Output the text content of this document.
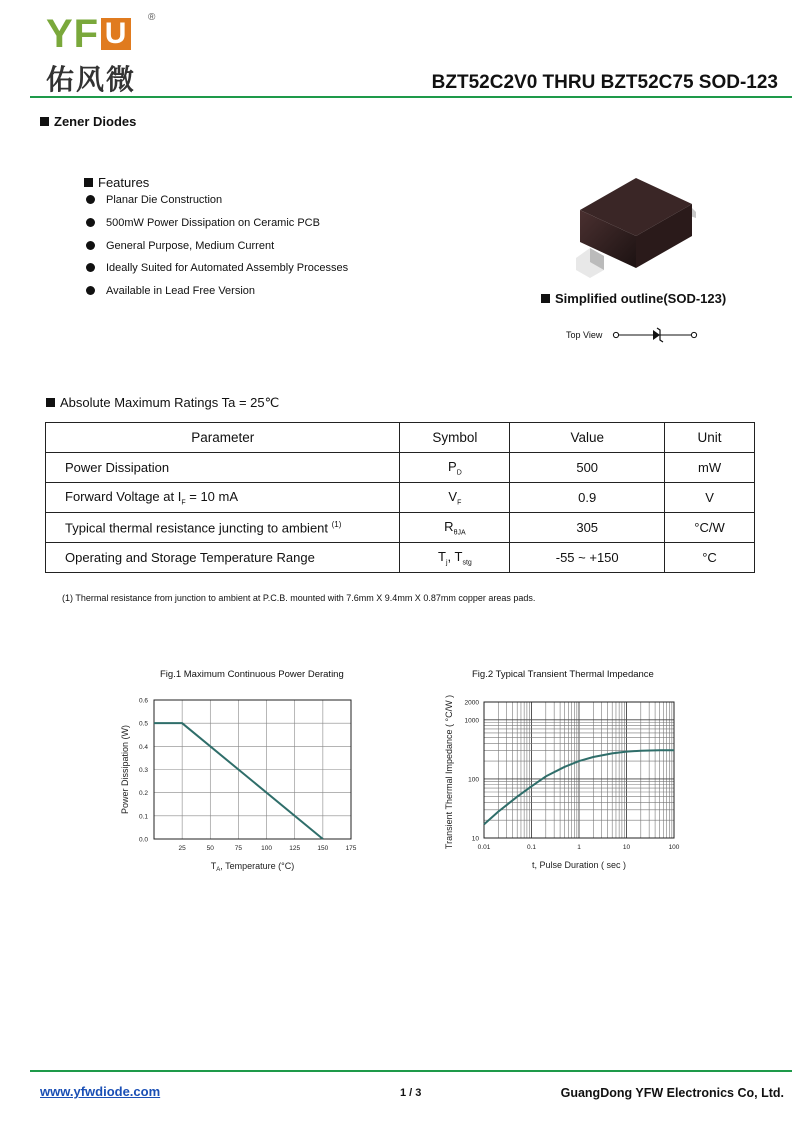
YF U	®
佑风微	BZT52C2V0 THRU BZT52C75 SOD-123
Zener Diodes
Features
Planar Die Construction
500mW Power Dissipation on Ceramic PCB
General Purpose, Medium Current
Ideally Suited for Automated Assembly Processes
Available in Lead Free Version	Simplified outline(SOD-123)
Top View
Absolute Maximum Ratings Ta = 25℃
Parameter	Symbol	Value	Unit
Power Dissipation	$P_D$	500	mW
Forward Voltage at $I_F = 10$ mA	$V_F$	0.9	V
Typical thermal resistance juncting to ambient $^{(1)}$	$R_{\theta JA}$	305	°C/W
Operating and Storage Temperature Range	$T_j$, $T_{stg}$	-55 ~ +150	°C
(1) Thermal resistance from junction to ambient at P.C.B. mounted with 7.6mm X 9.4mm X 0.87mm copper areas pads.
Fig.1 Maximum Continuous Power Derating
25	50	75	100	125	150	175
0.0
0.1
0.2
0.3
0.4
0.5
0.6
$T_A$, Temperature (°C)
Power Dissipation (W)
Fig.2 Typical Transient Thermal Impedance
0.01	0.1	1	10	100
10
100
1000
2000
t, Pulse Duration ( sec )
Transient Thermal Impedance ( °C/W )
www.yfwdiode.com	1 / 3	GuangDong YFW Electronics Co, Ltd.
